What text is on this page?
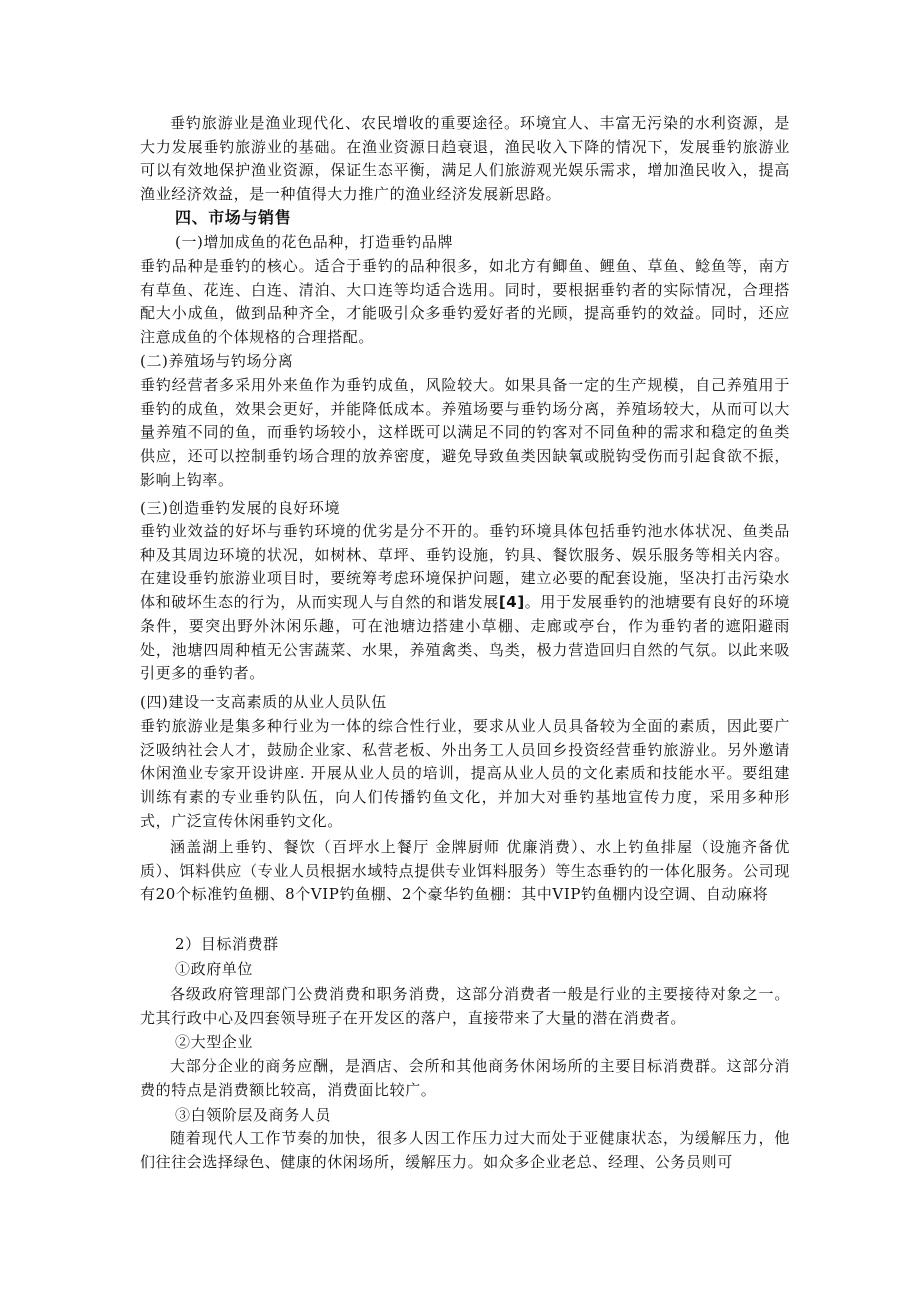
垂钓旅游业是渔业现代化、农民增收的重要途径。环境宜人、丰富无污染的水利资源，是大力发展垂钓旅游业的基础。在渔业资源日趋衰退，渔民收入下降的情况下，发展垂钓旅游业可以有效地保护渔业资源，保证生态平衡，满足人们旅游观光娱乐需求，增加渔民收入，提高渔业经济效益，是一种值得大力推广的渔业经济发展新思路。

四、市场与销售

(一)增加成鱼的花色品种，打造垂钓品牌

垂钓品种是垂钓的核心。适合于垂钓的品种很多，如北方有鲫鱼、鲤鱼、草鱼、鲶鱼等，南方有草鱼、花连、白连、清泊、大口连等均适合选用。同时，要根据垂钓者的实际情况，合理搭配大小成鱼，做到品种齐全，才能吸引众多垂钓爱好者的光顾，提高垂钓的效益。同时，还应注意成鱼的个体规格的合理搭配。

(二)养殖场与钓场分离

垂钓经营者多采用外来鱼作为垂钓成鱼，风险较大。如果具备一定的生产规模，自己养殖用于垂钓的成鱼，效果会更好，并能降低成本。养殖场要与垂钓场分离，养殖场较大，从而可以大量养殖不同的鱼，而垂钓场较小，这样既可以满足不同的钓客对不同鱼种的需求和稳定的鱼类供应，还可以控制垂钓场合理的放养密度，避免导致鱼类因缺氧或脱钩受伤而引起食欲不振，影响上钩率。

(三)创造垂钓发展的良好环境

垂钓业效益的好坏与垂钓环境的优劣是分不开的。垂钓环境具体包括垂钓池水体状况、鱼类品种及其周边环境的状况，如树林、草坪、垂钓设施，钓具、餐饮服务、娱乐服务等相关内容。在建设垂钓旅游业项目时，要统筹考虑环境保护问题，建立必要的配套设施，坚决打击污染水体和破坏生态的行为，从而实现人与自然的和谐发展[4]。用于发展垂钓的池塘要有良好的环境条件，要突出野外沐闲乐趣，可在池塘边搭建小草棚、走廊或亭台，作为垂钓者的遮阳避雨处，池塘四周种植无公害蔬菜、水果，养殖禽类、鸟类，极力营造回归自然的气氛。以此来吸引更多的垂钓者。

(四)建设一支高素质的从业人员队伍

垂钓旅游业是集多种行业为一体的综合性行业，要求从业人员具备较为全面的素质，因此要广泛吸纳社会人才，鼓励企业家、私营老板、外出务工人员回乡投资经营垂钓旅游业。另外邀请休闲渔业专家开设讲座. 开展从业人员的培训，提高从业人员的文化素质和技能水平。要组建训练有素的专业垂钓队伍，向人们传播钓鱼文化，并加大对垂钓基地宣传力度，采用多种形式，广泛宣传休闲垂钓文化。

涵盖湖上垂钓、餐饮（百坪水上餐厅 金牌厨师 优廉消费）、水上钓鱼排屋（设施齐备优质）、饵料供应（专业人员根据水域特点提供专业饵料服务）等生态垂钓的一体化服务。公司现有20个标准钓鱼棚、8个VIP钓鱼棚、2个豪华钓鱼棚：其中VIP钓鱼棚内设空调、自动麻将

2）目标消费群

①政府单位

各级政府管理部门公费消费和职务消费，这部分消费者一般是行业的主要接待对象之一。尤其行政中心及四套领导班子在开发区的落户，直接带来了大量的潜在消费者。

②大型企业

大部分企业的商务应酬，是酒店、会所和其他商务休闲场所的主要目标消费群。这部分消费的特点是消费额比较高，消费面比较广。

③白领阶层及商务人员

随着现代人工作节奏的加快，很多人因工作压力过大而处于亚健康状态，为缓解压力，他们往往会选择绿色、健康的休闲场所，缓解压力。如众多企业老总、经理、公务员则可
